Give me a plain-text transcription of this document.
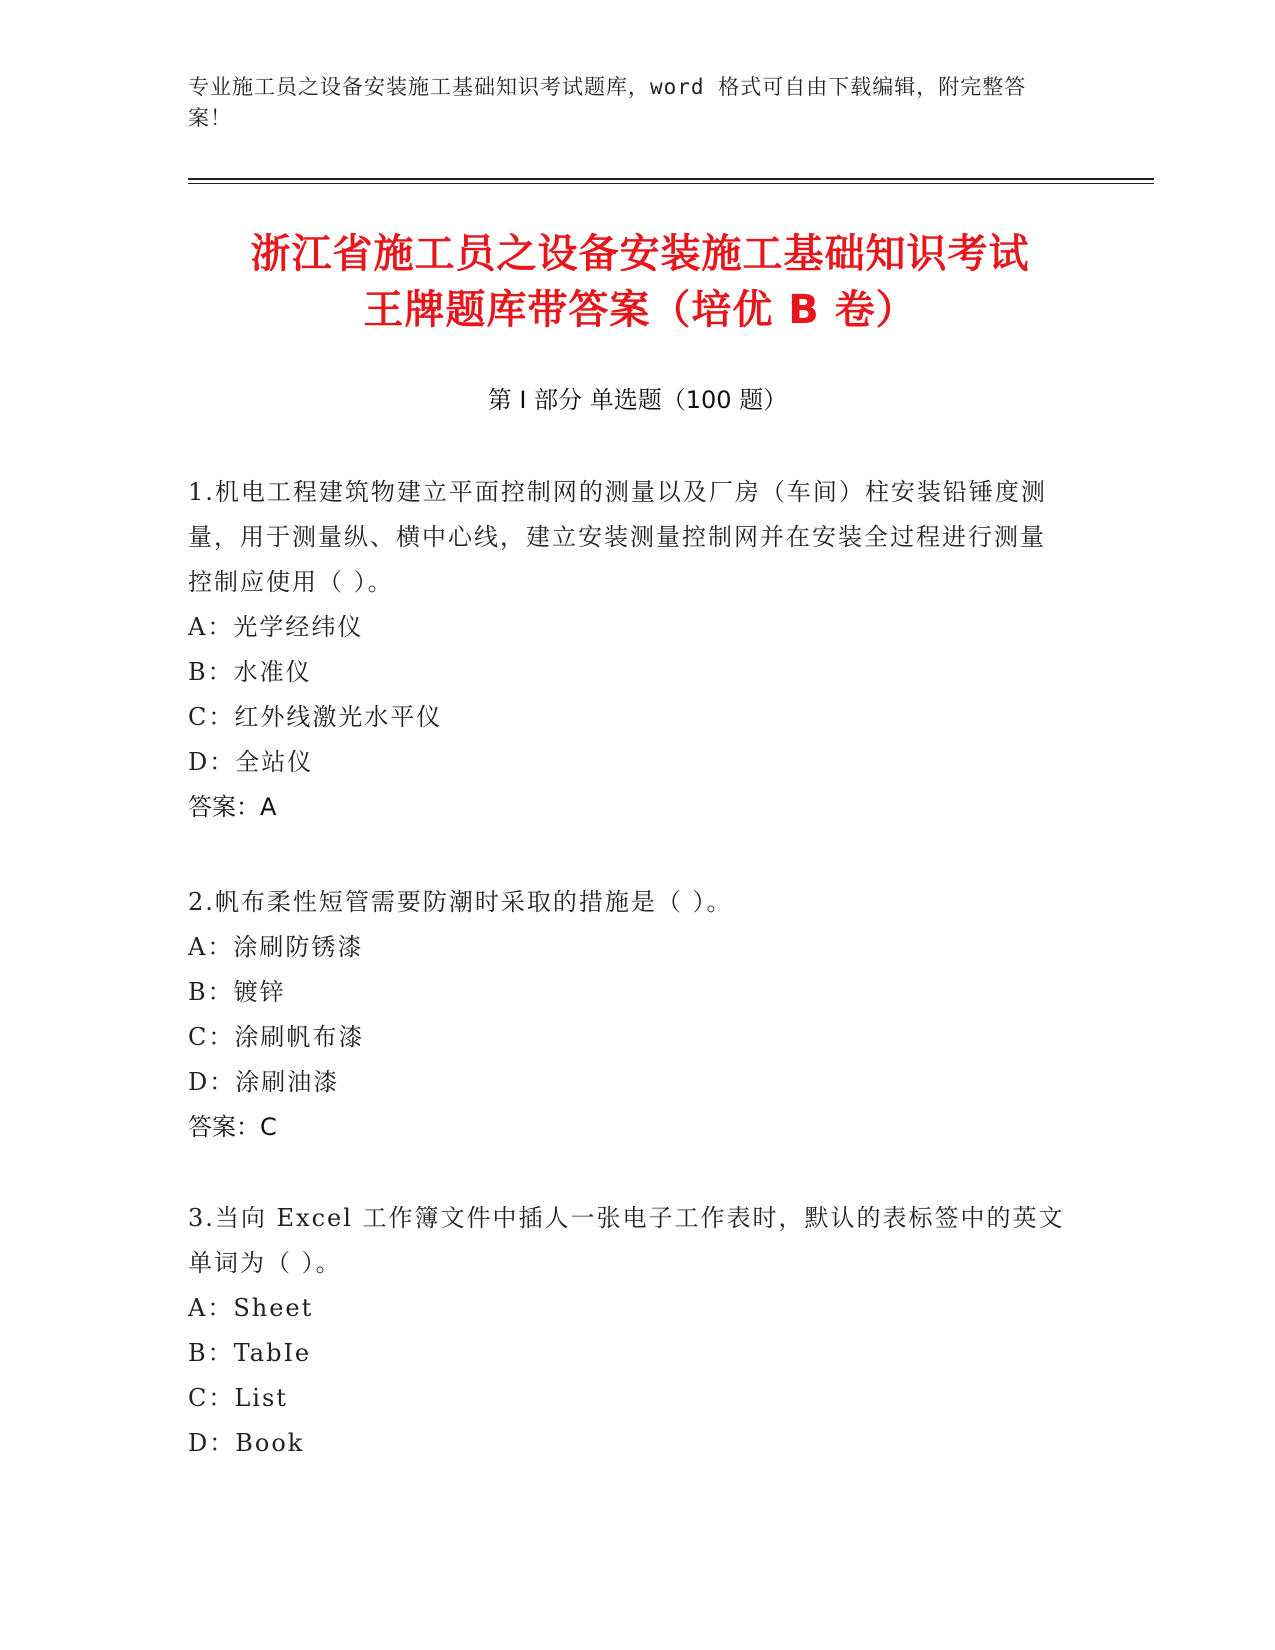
专业施工员之设备安装施工基础知识考试题库，word 格式可自由下载编辑，附完整答案！
浙江省施工员之设备安装施工基础知识考试
王牌题库带答案（培优 B 卷）
第 I 部分 单选题（100 题）
1.机电工程建筑物建立平面控制网的测量以及厂房（车间）柱安装铅锤度测量，用于测量纵、横中心线，建立安装测量控制网并在安装全过程进行测量控制应使用（ ）。
A：光学经纬仪
B：水准仪
C：红外线激光水平仪
D：全站仪
答案：A
2.帆布柔性短管需要防潮时采取的措施是（ ）。
A：涂刷防锈漆
B：镀锌
C：涂刷帆布漆
D：涂刷油漆
答案：C
3.当向 Excel 工作簿文件中插人一张电子工作表时，默认的表标签中的英文单词为（ ）。
A：Sheet
B：TabIe
C：List
D：Book
